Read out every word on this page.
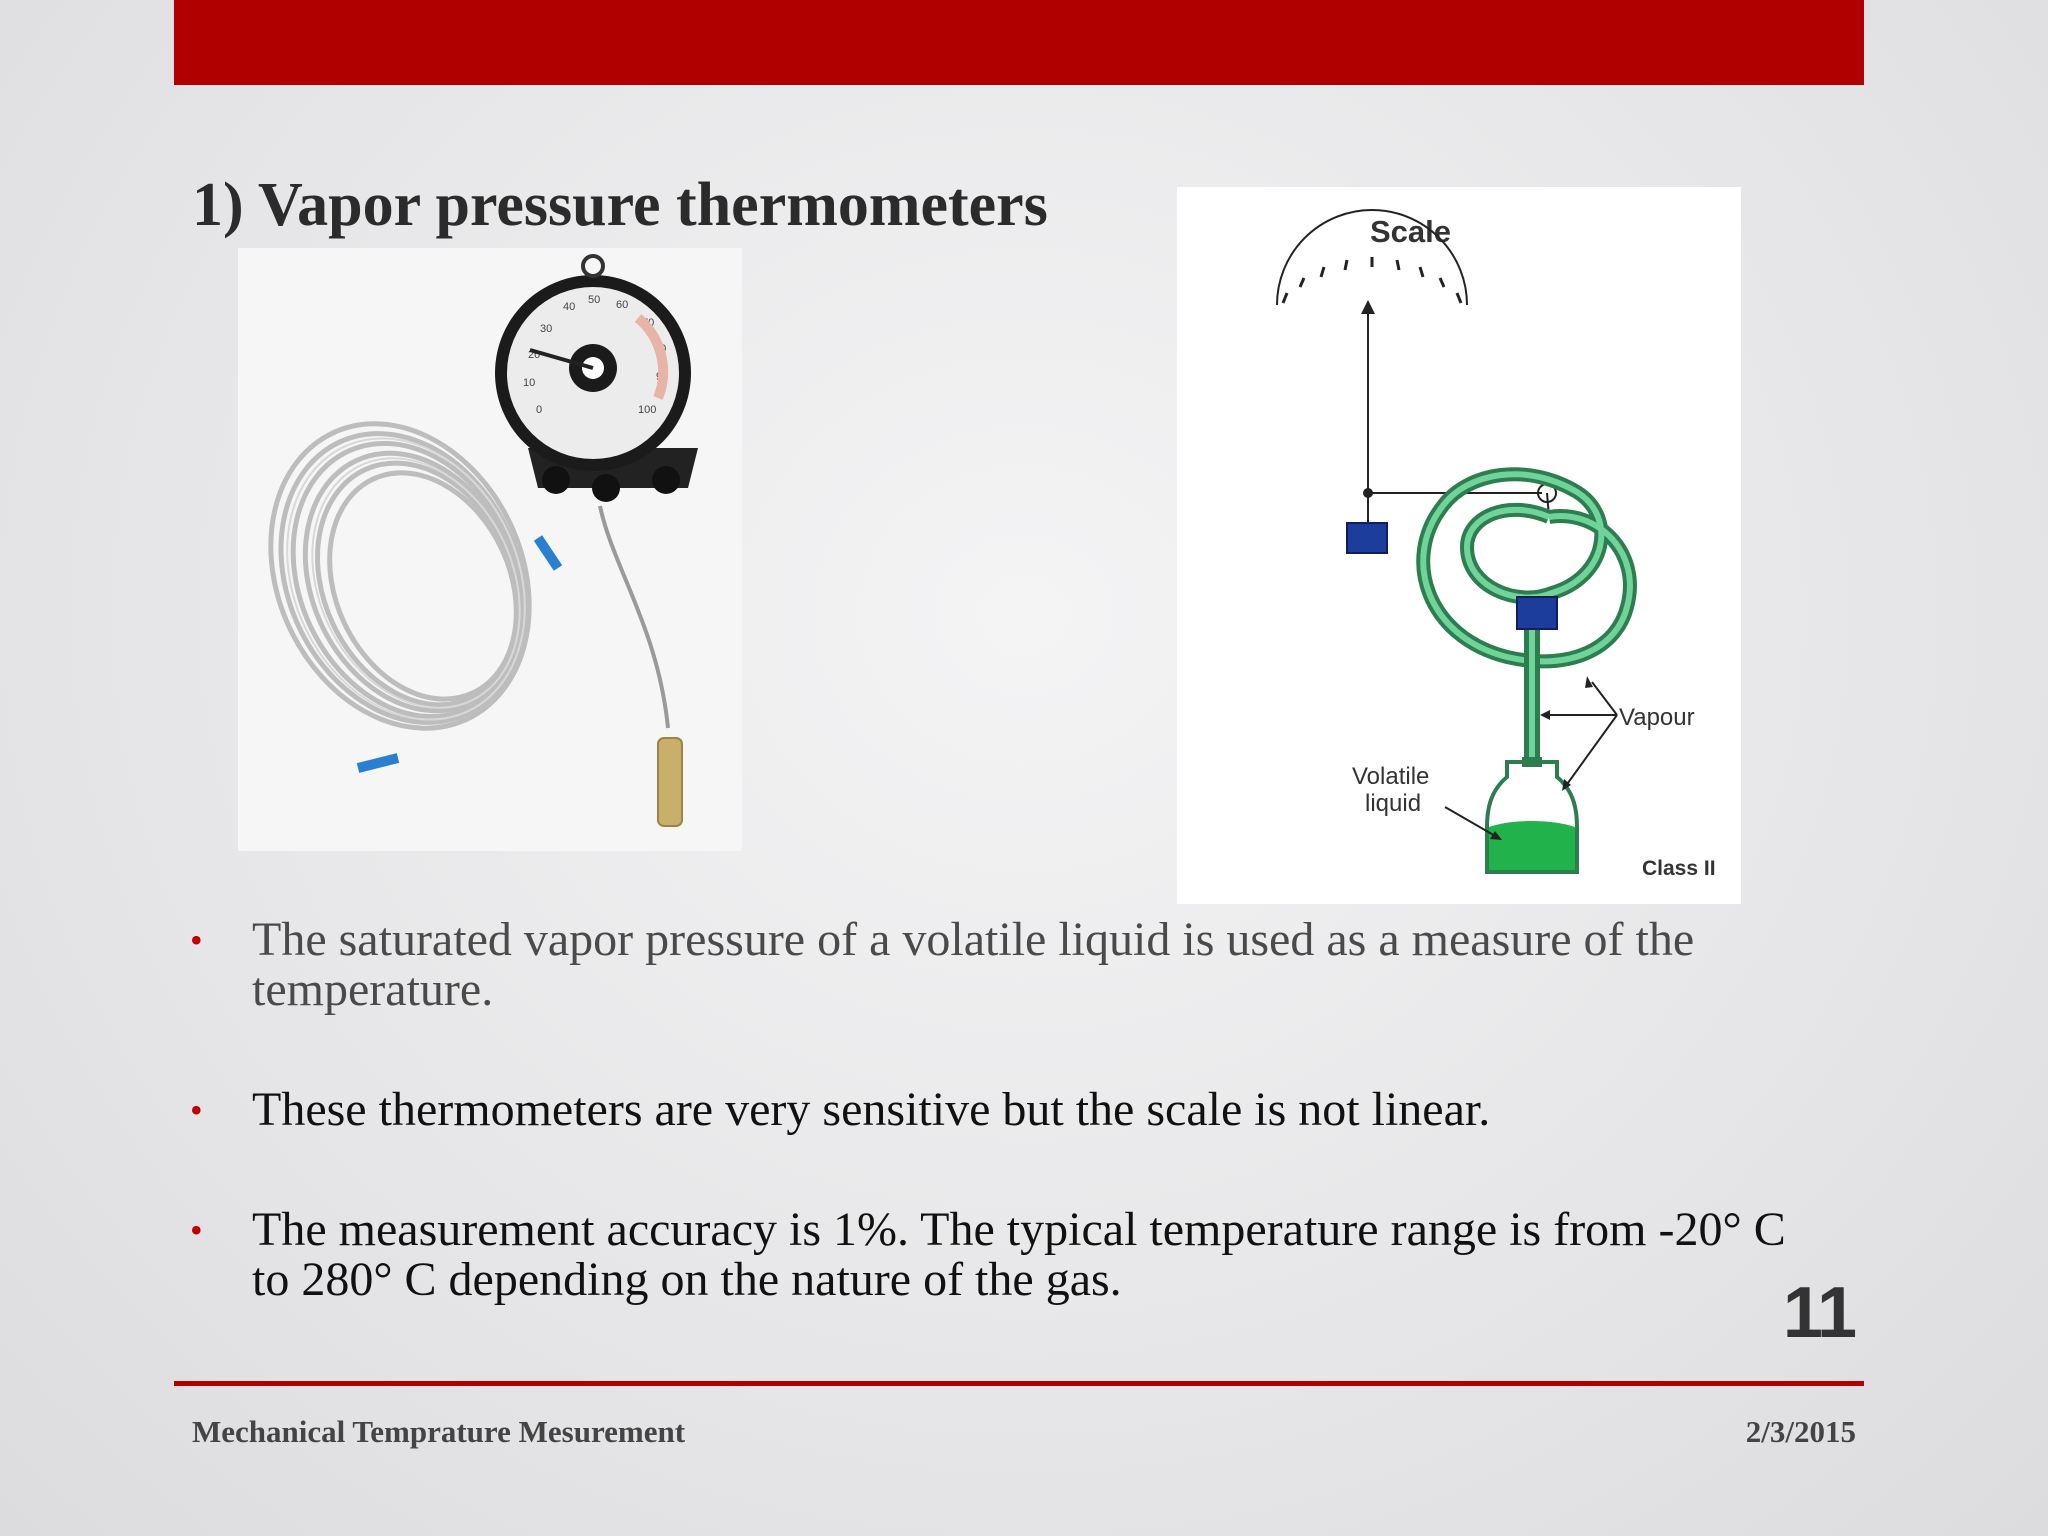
1) Vapor pressure thermometers
0
10
20
30
40
50 60
70
80
90
100
Scale
Vapour
Volatile
liquid
Class II
• The saturated vapor pressure of a volatile liquid is used as a measure of the temperature.
• These thermometers are very sensitive but the scale is not linear.
• The measurement accuracy is 1%. The typical temperature range is from -20° C to 280° C depending on the nature of the gas.	11
Mechanical Temprature Mesurement	2/3/2015
